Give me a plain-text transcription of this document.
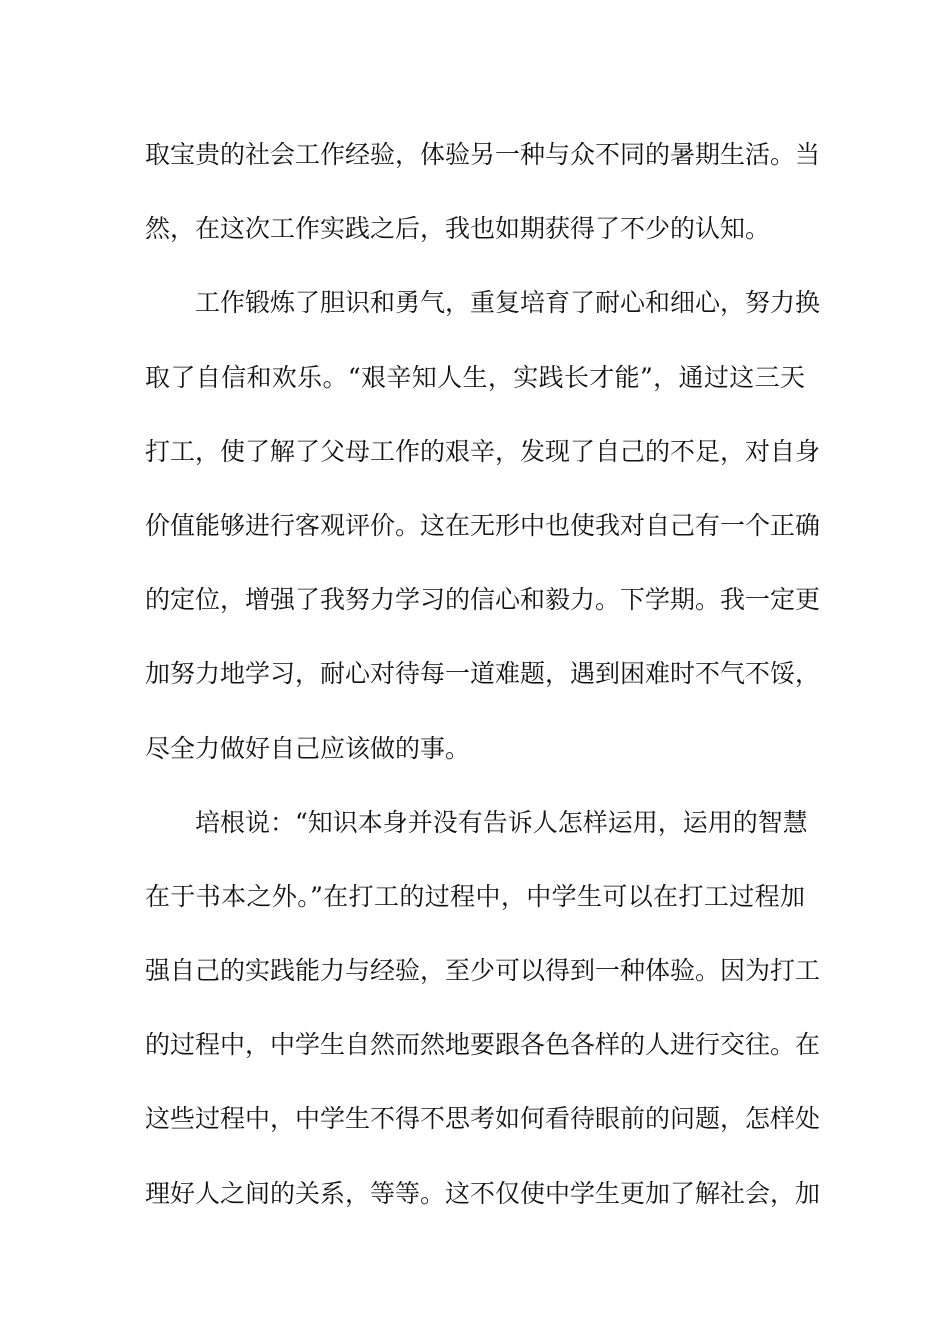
取宝贵的社会工作经验，体验另一种与众不同的暑期生活。当
然，在这次工作实践之后，我也如期获得了不少的认知。
工作锻炼了胆识和勇气，重复培育了耐心和细心，努力换
取了自信和欢乐。“艰辛知人生，实践长才能”，通过这三天
打工，使了解了父母工作的艰辛，发现了自己的不足，对自身
价值能够进行客观评价。这在无形中也使我对自己有一个正确
的定位，增强了我努力学习的信心和毅力。下学期。我一定更
加努力地学习，耐心对待每一道难题，遇到困难时不气不馁，
尽全力做好自己应该做的事。
培根说：“知识本身并没有告诉人怎样运用，运用的智慧
在于书本之外。”在打工的过程中，中学生可以在打工过程加
强自己的实践能力与经验，至少可以得到一种体验。因为打工
的过程中，中学生自然而然地要跟各色各样的人进行交往。在
这些过程中，中学生不得不思考如何看待眼前的问题，怎样处
理好人之间的关系，等等。这不仅使中学生更加了解社会，加
